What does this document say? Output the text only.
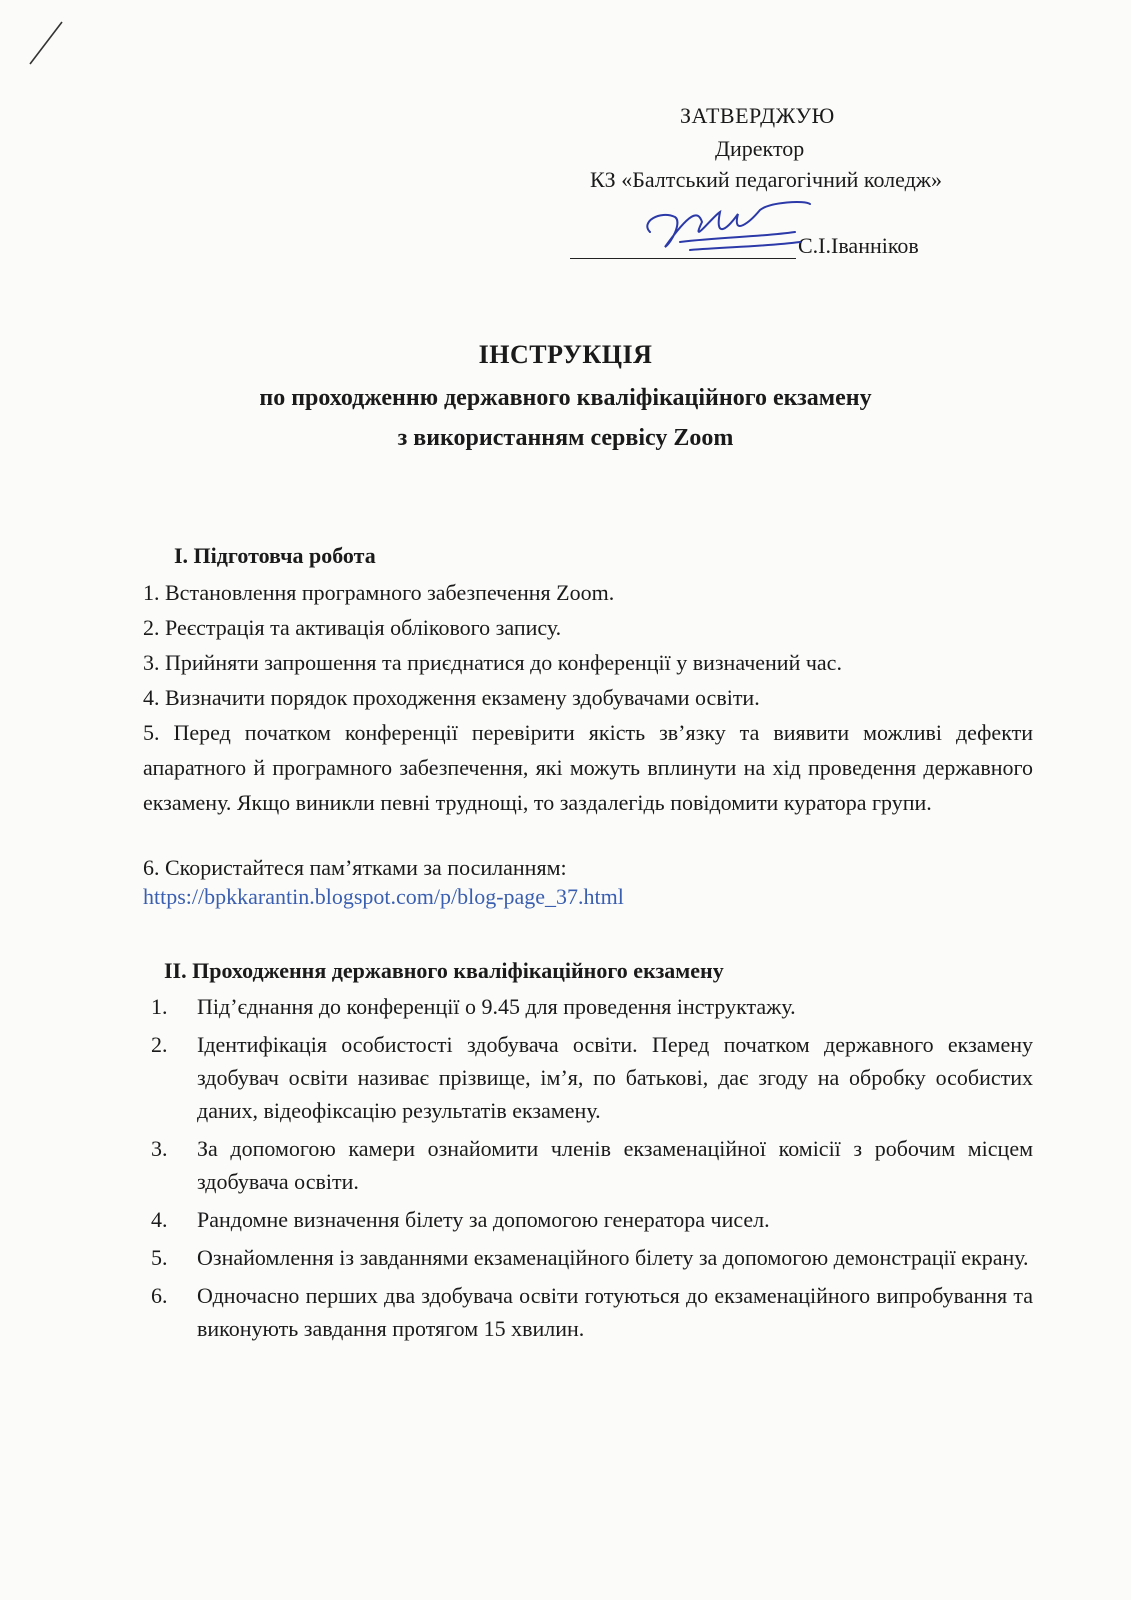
ЗАТВЕРДЖУЮ
Директор
КЗ «Балтський педагогічний коледж»
С.І.Іванніков
ІНСТРУКЦІЯ
по проходженню державного кваліфікаційного екзамену
з використанням сервісу Zoom
I. Підготовча робота
1. Встановлення програмного забезпечення Zoom.
2. Реєстрація та активація облікового запису.
3. Прийняти запрошення та приєднатися до конференції у визначений час.
4. Визначити порядок проходження екзамену здобувачами освіти.
5. Перед початком конференції перевірити якість зв’язку та виявити можливі дефекти апаратного й програмного забезпечення, які можуть вплинути на хід проведення державного екзамену. Якщо виникли певні труднощі, то заздалегідь повідомити куратора групи.
6. Скористайтеся пам’ятками за посиланням:
https://bpkkarantin.blogspot.com/p/blog-page_37.html
II. Проходження державного кваліфікаційного екзамену
1. Під’єднання до конференції о 9.45 для проведення інструктажу.
2. Ідентифікація особистості здобувача освіти. Перед початком державного екзамену здобувач освіти називає прізвище, ім’я, по батькові, дає згоду на обробку особистих даних, відеофіксацію результатів екзамену.
3. За допомогою камери ознайомити членів екзаменаційної комісії з робочим місцем здобувача освіти.
4. Рандомне визначення білету за допомогою генератора чисел.
5. Ознайомлення із завданнями екзаменаційного білету за допомогою демонстрації екрану.
6. Одночасно перших два здобувача освіти готуються до екзаменаційного випробування та виконують завдання протягом 15 хвилин.
